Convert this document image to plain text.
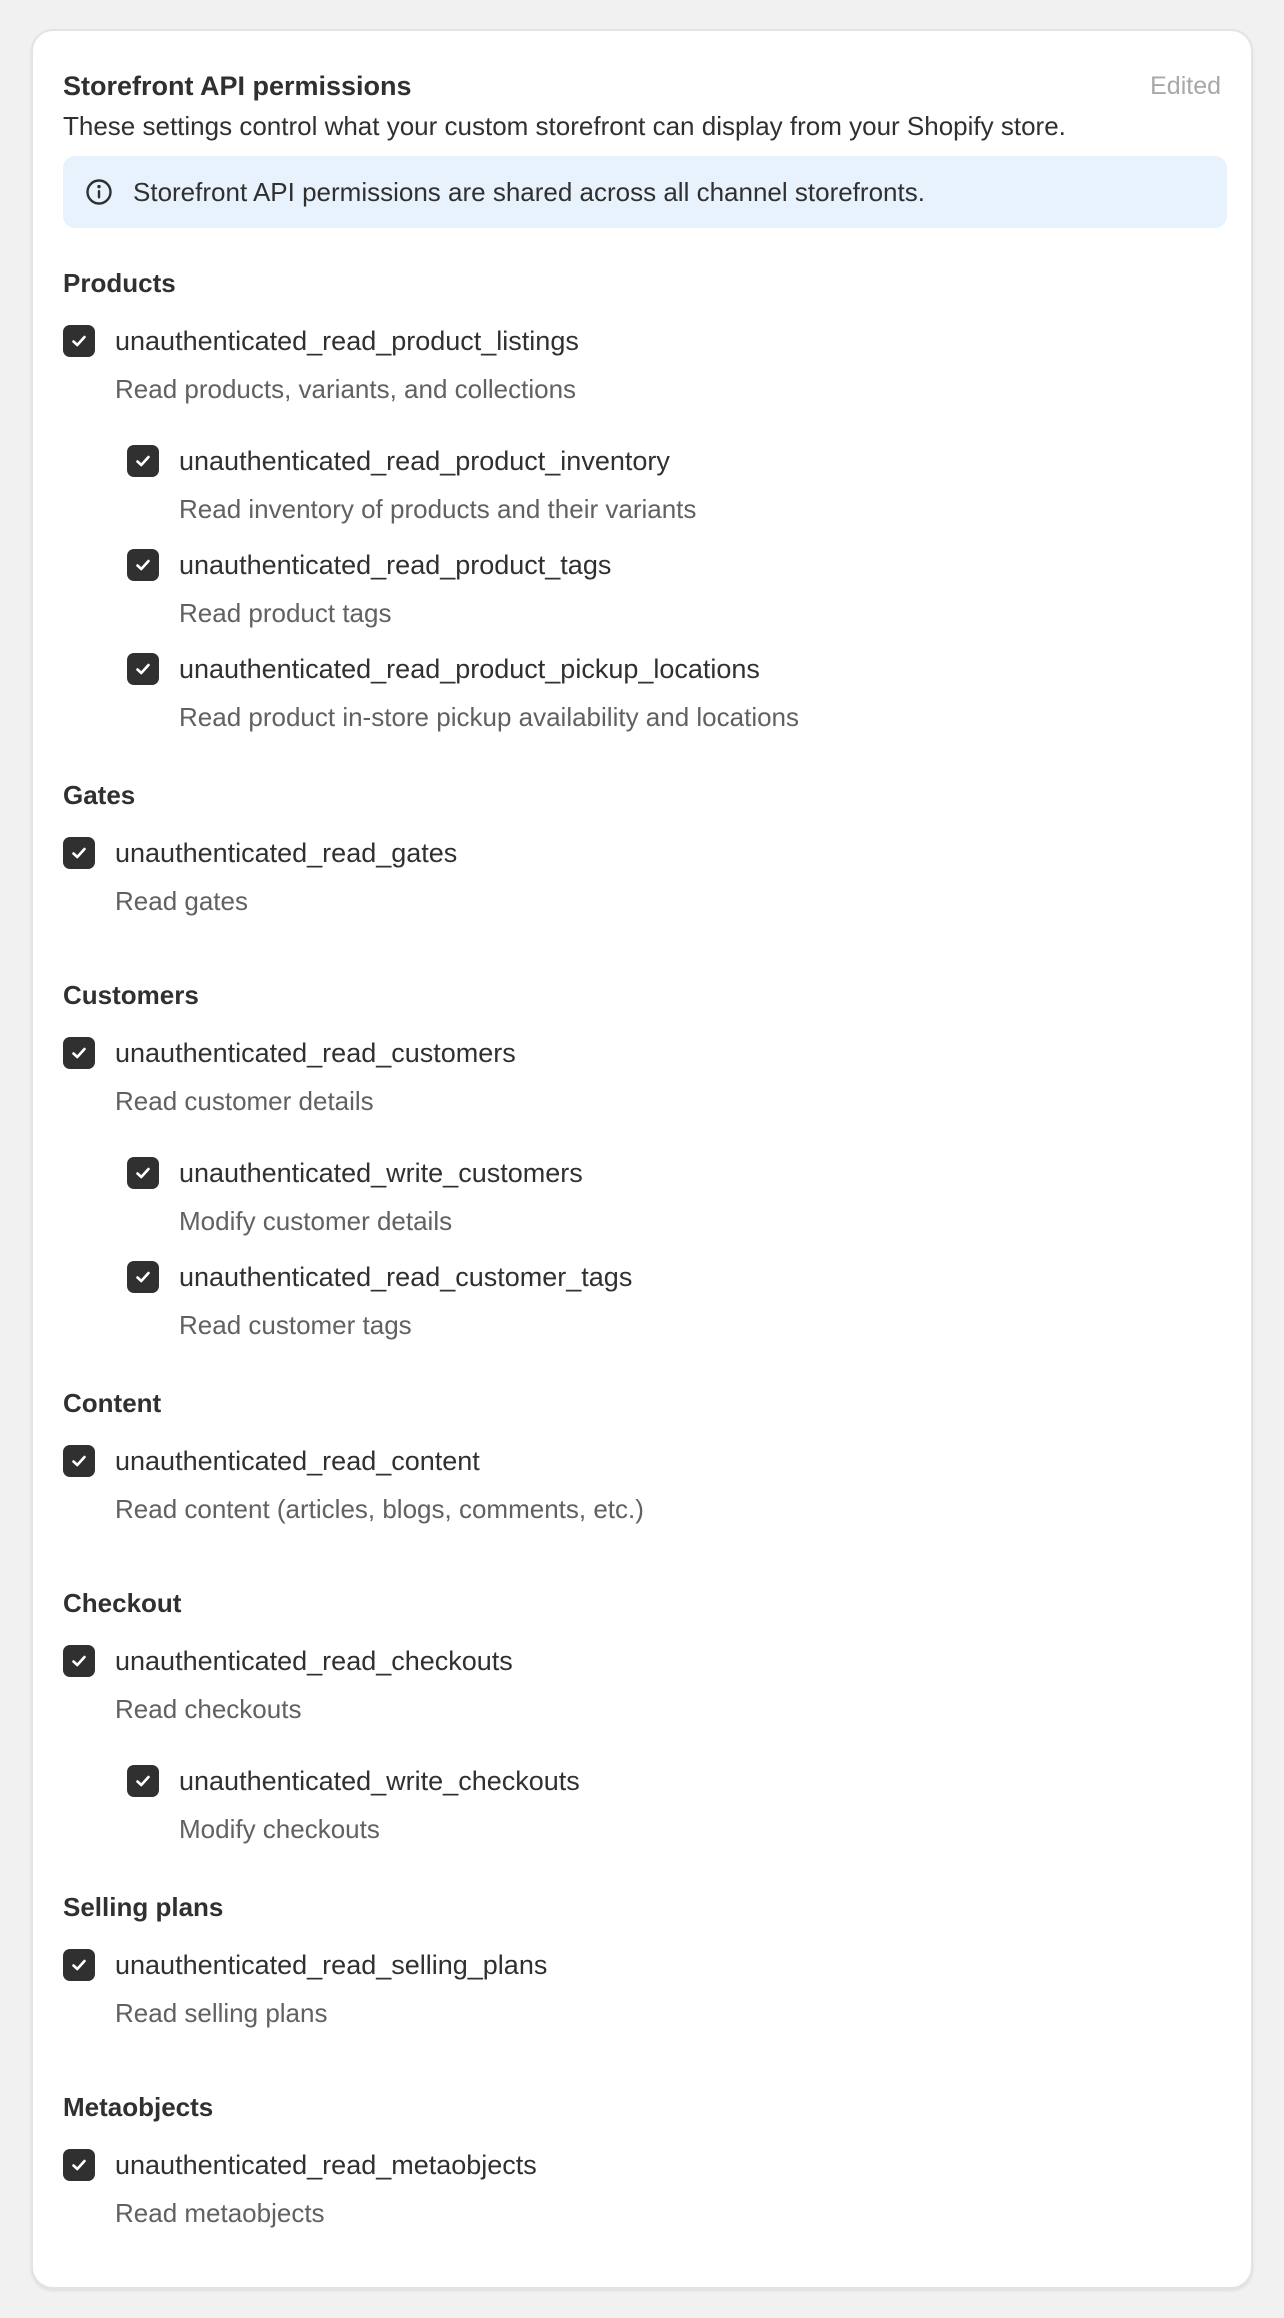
Storefront API permissions	Edited
These settings control what your custom storefront can display from your Shopify store.
Storefront API permissions are shared across all channel storefronts.
Products
unauthenticated_read_product_listings
Read products, variants, and collections
unauthenticated_read_product_inventory
Read inventory of products and their variants
unauthenticated_read_product_tags
Read product tags
unauthenticated_read_product_pickup_locations
Read product in-store pickup availability and locations
Gates
unauthenticated_read_gates
Read gates
Customers
unauthenticated_read_customers
Read customer details
unauthenticated_write_customers
Modify customer details
unauthenticated_read_customer_tags
Read customer tags
Content
unauthenticated_read_content
Read content (articles, blogs, comments, etc.)
Checkout
unauthenticated_read_checkouts
Read checkouts
unauthenticated_write_checkouts
Modify checkouts
Selling plans
unauthenticated_read_selling_plans
Read selling plans
Metaobjects
unauthenticated_read_metaobjects
Read metaobjects
